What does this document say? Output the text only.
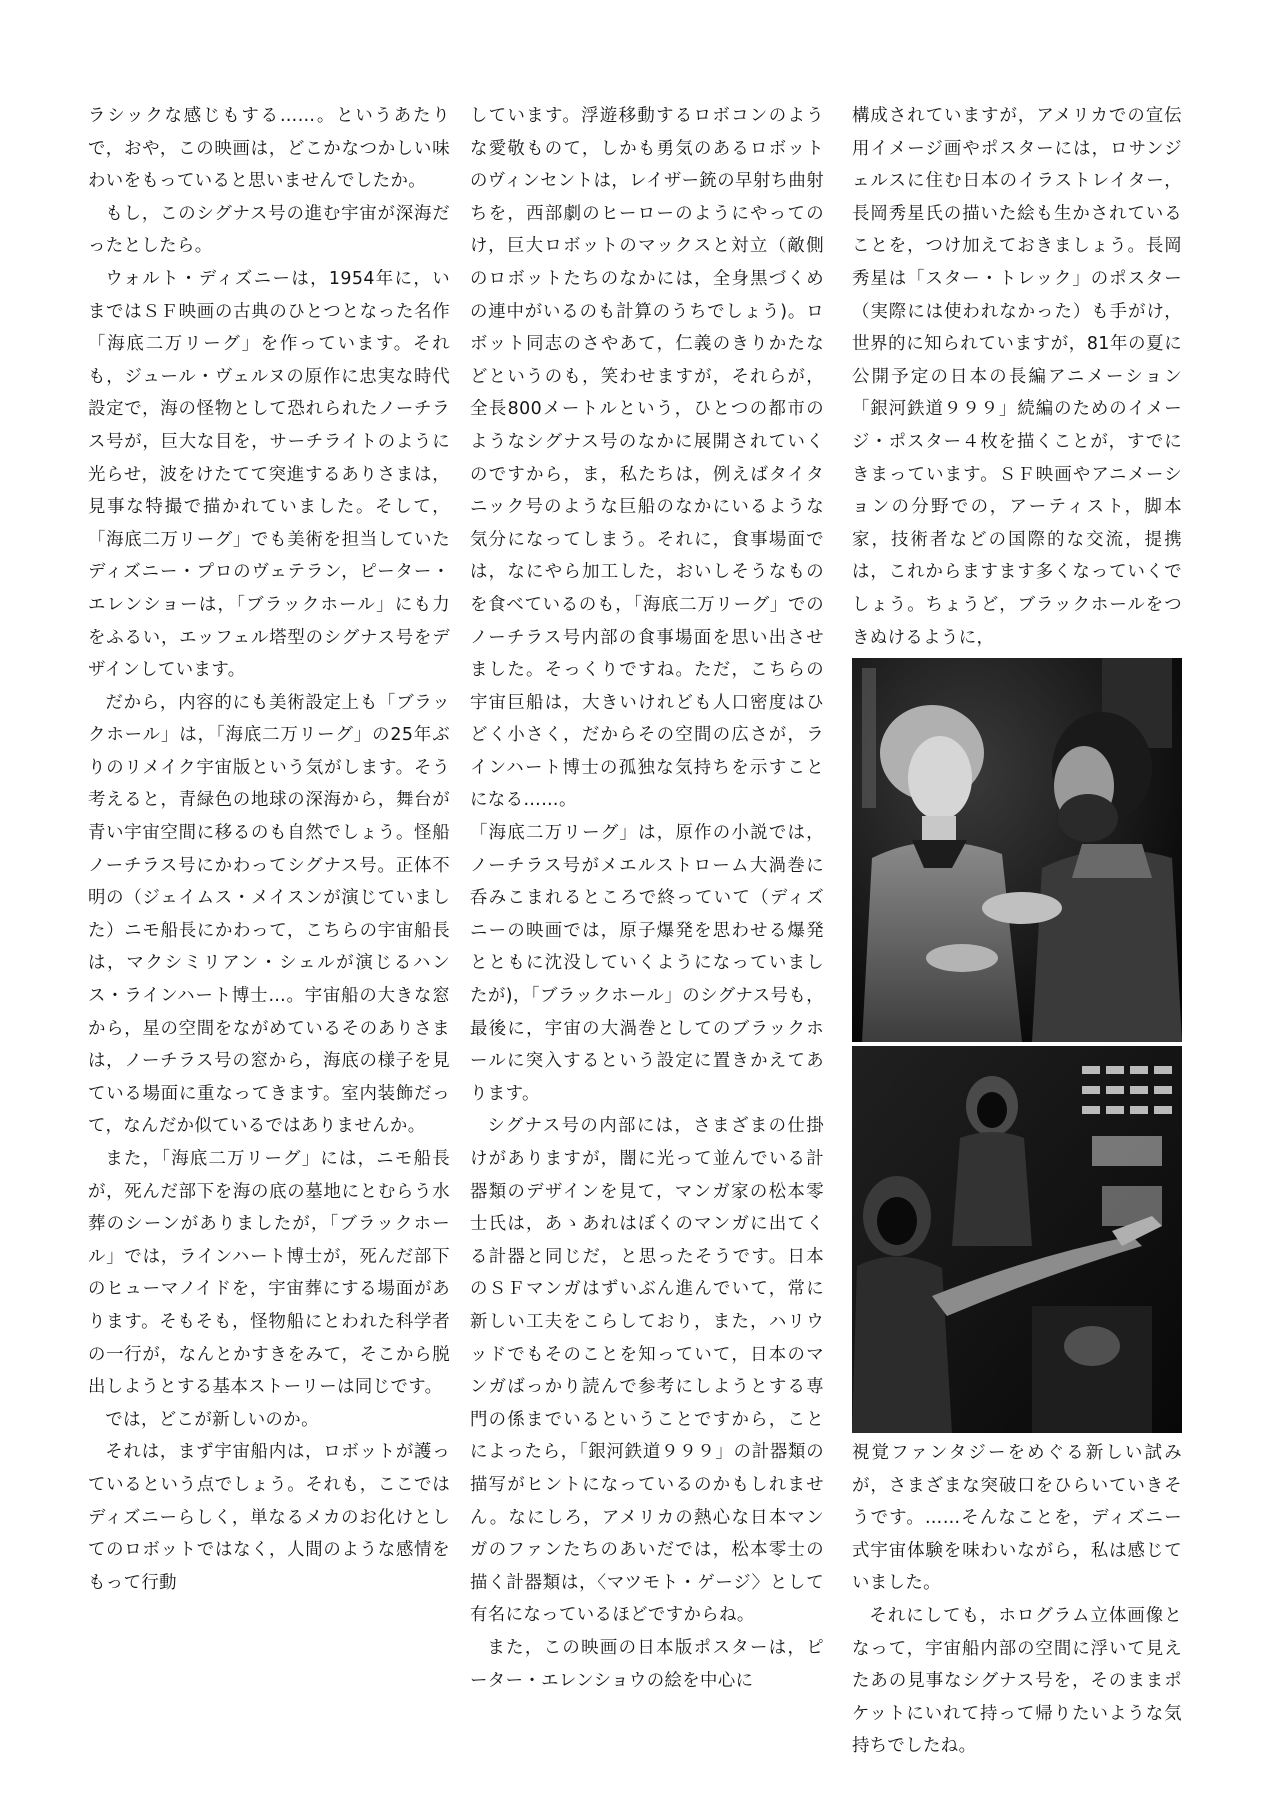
ラシックな感じもする……。というあたりで，おや，この映画は，どこかなつかしい味わいをもっていると思いませんでしたか。

もし，このシグナス号の進む宇宙が深海だったとしたら。

ウォルト・ディズニーは，1954年に，いまではＳＦ映画の古典のひとつとなった名作「海底二万リーグ」を作っています。それも，ジュール・ヴェルヌの原作に忠実な時代設定で，海の怪物として恐れられたノーチラス号が，巨大な目を，サーチライトのように光らせ，波をけたてて突進するありさまは，見事な特撮で描かれていました。そして，「海底二万リーグ」でも美術を担当していたディズニー・プロのヴェテラン，ピーター・エレンショーは，「ブラックホール」にも力をふるい，エッフェル塔型のシグナス号をデザインしています。

だから，内容的にも美術設定上も「ブラックホール」は，「海底二万リーグ」の25年ぶりのリメイク宇宙版という気がします。そう考えると，青緑色の地球の深海から，舞台が青い宇宙空間に移るのも自然でしょう。怪船ノーチラス号にかわってシグナス号。正体不明の（ジェイムス・メイスンが演じていました）ニモ船長にかわって，こちらの宇宙船長は，マクシミリアン・シェルが演じるハンス・ラインハート博士…。宇宙船の大きな窓から，星の空間をながめているそのありさまは，ノーチラス号の窓から，海底の様子を見ている場面に重なってきます。室内装飾だって，なんだか似ているではありませんか。

また，「海底二万リーグ」には，ニモ船長が，死んだ部下を海の底の墓地にとむらう水葬のシーンがありましたが，「ブラックホール」では，ラインハート博士が，死んだ部下のヒューマノイドを，宇宙葬にする場面があります。そもそも，怪物船にとわれた科学者の一行が，なんとかすきをみて，そこから脱出しようとする基本ストーリーは同じです。

では，どこが新しいのか。

それは，まず宇宙船内は，ロボットが護っているという点でしょう。それも，ここではディズニーらしく，単なるメカのお化けとしてのロボットではなく，人間のような感情をもって行動

しています。浮遊移動するロボコンのような愛敬ものて，しかも勇気のあるロボットのヴィンセントは，レイザー銃の早射ち曲射ちを，西部劇のヒーローのようにやってのけ，巨大ロボットのマックスと対立（敵側のロボットたちのなかには，全身黒づくめの連中がいるのも計算のうちでしょう)。ロボット同志のさやあて，仁義のきりかたなどというのも，笑わせますが，それらが，全長800メートルという，ひとつの都市のようなシグナス号のなかに展開されていくのですから，ま，私たちは，例えばタイタニック号のような巨船のなかにいるような気分になってしまう。それに，食事場面では，なにやら加工した，おいしそうなものを食べているのも，「海底二万リーグ」でのノーチラス号内部の食事場面を思い出させました。そっくりですね。ただ，こちらの宇宙巨船は，大きいけれども人口密度はひどく小さく，だからその空間の広さが，ラインハート博士の孤独な気持ちを示すことになる……。

「海底二万リーグ」は，原作の小説では，ノーチラス号がメエルストローム大渦巻に呑みこまれるところで終っていて（ディズニーの映画では，原子爆発を思わせる爆発とともに沈没していくようになっていましたが)，「ブラックホール」のシグナス号も，最後に，宇宙の大渦巻としてのブラックホールに突入するという設定に置きかえてあります。

シグナス号の内部には，さまざまの仕掛けがありますが，闇に光って並んでいる計器類のデザインを見て，マンガ家の松本零士氏は，あゝあれはぼくのマンガに出てくる計器と同じだ，と思ったそうです。日本のＳＦマンガはずいぶん進んでいて，常に新しい工夫をこらしており，また，ハリウッドでもそのことを知っていて，日本のマンガばっかり読んで参考にしようとする専門の係までいるということですから，ことによったら，「銀河鉄道９９９」の計器類の描写がヒントになっているのかもしれません。なにしろ，アメリカの熱心な日本マンガのファンたちのあいだでは，松本零士の描く計器類は，〈マツモト・ゲージ〉として有名になっているほどですからね。

また，この映画の日本版ポスターは，ピーター・エレンショウの絵を中心に

構成されていますが，アメリカでの宣伝用イメージ画やポスターには，ロサンジェルスに住む日本のイラストレイター，長岡秀星氏の描いた絵も生かされていることを，つけ加えておきましょう。長岡秀星は「スター・トレック」のポスター（実際には使われなかった）も手がけ，世界的に知られていますが，81年の夏に公開予定の日本の長編アニメーション「銀河鉄道９９９」続編のためのイメージ・ポスター４枚を描くことが，すでにきまっています。ＳＦ映画やアニメーションの分野での，アーティスト，脚本家，技術者などの国際的な交流，提携は，これからますます多くなっていくでしょう。ちょうど，ブラックホールをつきぬけるように，

視覚ファンタジーをめぐる新しい試みが，さまざまな突破口をひらいていきそうです。……そんなことを，ディズニー式宇宙体験を味わいながら，私は感じていました。

それにしても，ホログラム立体画像となって，宇宙船内部の空間に浮いて見えたあの見事なシグナス号を，そのままポケットにいれて持って帰りたいような気持ちでしたね。
